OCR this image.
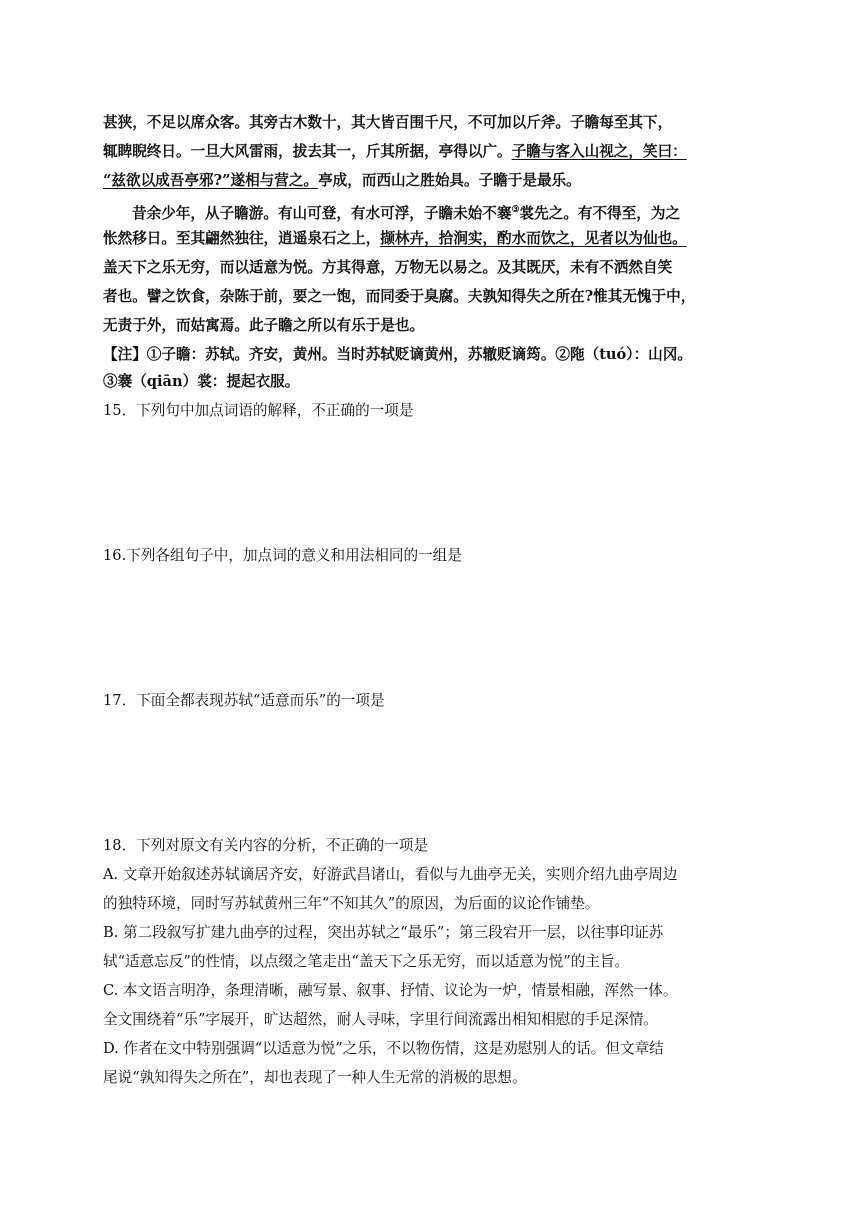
甚狭，不足以席众客。其旁古木数十，其大皆百围千尺，不可加以斤斧。子瞻每至其下，
辄睥睨终日。一旦大风雷雨，拔去其一，斤其所据，亭得以广。子瞻与客入山视之，笑曰：
“兹欲以成吾亭邪?”遂相与营之。亭成，而西山之胜始具。子瞻于是最乐。
昔余少年，从子瞻游。有山可登，有水可浮，子瞻未始不褰③裳先之。有不得至，为之
怅然移日。至其翩然独往，逍遥泉石之上，撷林卉，拾涧实，酌水而饮之，见者以为仙也。
盖天下之乐无穷，而以适意为悦。方其得意，万物无以易之。及其既厌，未有不洒然自笑
者也。譬之饮食，杂陈于前，要之一饱，而同委于臭腐。夫孰知得失之所在?惟其无愧于中，
无责于外，而姑寓焉。此子瞻之所以有乐于是也。
【注】①子瞻：苏轼。齐安，黄州。当时苏轼贬谪黄州，苏辙贬谪筠。②陁（tuó）：山冈。
③褰（qiān）裳：提起衣服。
15．下列句中加点词语的解释，不正确的一项是
16.下列各组句子中，加点词的意义和用法相同的一组是
17．下面全都表现苏轼“适意而乐”的一项是
18．下列对原文有关内容的分析，不正确的一项是
A. 文章开始叙述苏轼谪居齐安，好游武昌诸山，看似与九曲亭无关，实则介绍九曲亭周边
的独特环境，同时写苏轼黄州三年“不知其久”的原因，为后面的议论作铺垫。
B. 第二段叙写扩建九曲亭的过程，突出苏轼之“最乐”；第三段宕开一层，以往事印证苏
轼“适意忘反”的性情，以点缀之笔走出“盖天下之乐无穷，而以适意为悦”的主旨。
C. 本文语言明净，条理清晰，融写景、叙事、抒情、议论为一炉，情景相融，浑然一体。
全文围绕着“乐”字展开，旷达超然，耐人寻味，字里行间流露出相知相慰的手足深情。
D. 作者在文中特别强调“以适意为悦”之乐，不以物伤情，这是劝慰别人的话。但文章结
尾说“孰知得失之所在”，却也表现了一种人生无常的消极的思想。
